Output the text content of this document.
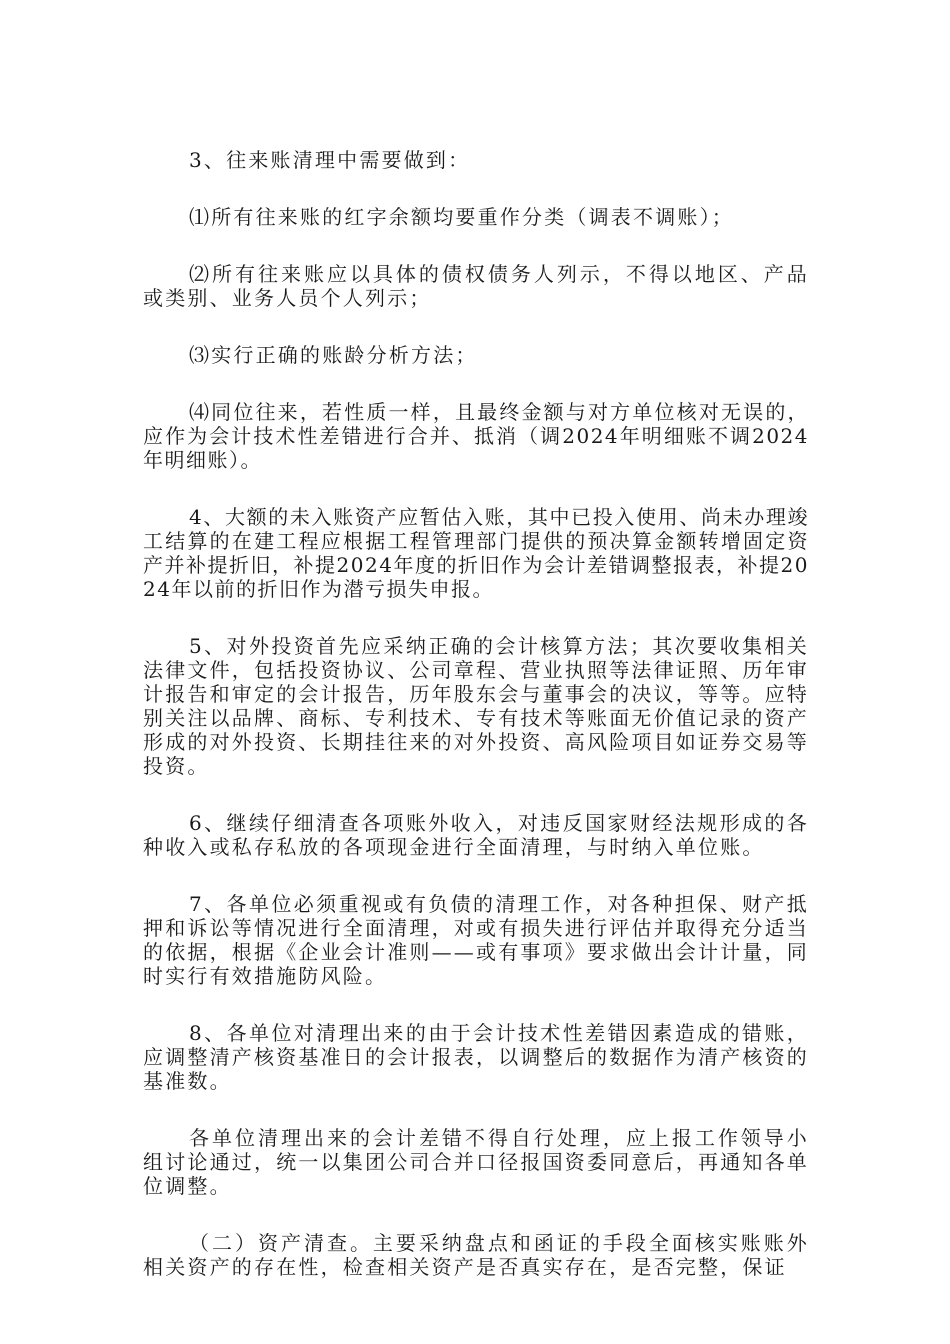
3、往来账清理中需要做到：

⑴所有往来账的红字余额均要重作分类（调表不调账）；

⑵所有往来账应以具体的债权债务人列示，不得以地区、产品或类别、业务人员个人列示；

⑶实行正确的账龄分析方法；

⑷同位往来，若性质一样，且最终金额与对方单位核对无误的，应作为会计技术性差错进行合并、抵消（调2024年明细账不调2024年明细账）。

4、大额的未入账资产应暂估入账，其中已投入使用、尚未办理竣工结算的在建工程应根据工程管理部门提供的预决算金额转增固定资产并补提折旧，补提2024年度的折旧作为会计差错调整报表，补提2024年以前的折旧作为潜亏损失申报。

5、对外投资首先应采纳正确的会计核算方法；其次要收集相关法律文件，包括投资协议、公司章程、营业执照等法律证照、历年审计报告和审定的会计报告，历年股东会与董事会的决议，等等。应特别关注以品牌、商标、专利技术、专有技术等账面无价值记录的资产形成的对外投资、长期挂往来的对外投资、高风险项目如证券交易等投资。

6、继续仔细清查各项账外收入，对违反国家财经法规形成的各种收入或私存私放的各项现金进行全面清理，与时纳入单位账。

7、各单位必须重视或有负债的清理工作，对各种担保、财产抵押和诉讼等情况进行全面清理，对或有损失进行评估并取得充分适当的依据，根据《企业会计准则——或有事项》要求做出会计计量，同时实行有效措施防风险。

8、各单位对清理出来的由于会计技术性差错因素造成的错账，应调整清产核资基准日的会计报表，以调整后的数据作为清产核资的基准数。

各单位清理出来的会计差错不得自行处理，应上报工作领导小组讨论通过，统一以集团公司合并口径报国资委同意后，再通知各单位调整。

（二）资产清查。主要采纳盘点和函证的手段全面核实账账外相关资产的存在性，检查相关资产是否真实存在，是否完整，保证
